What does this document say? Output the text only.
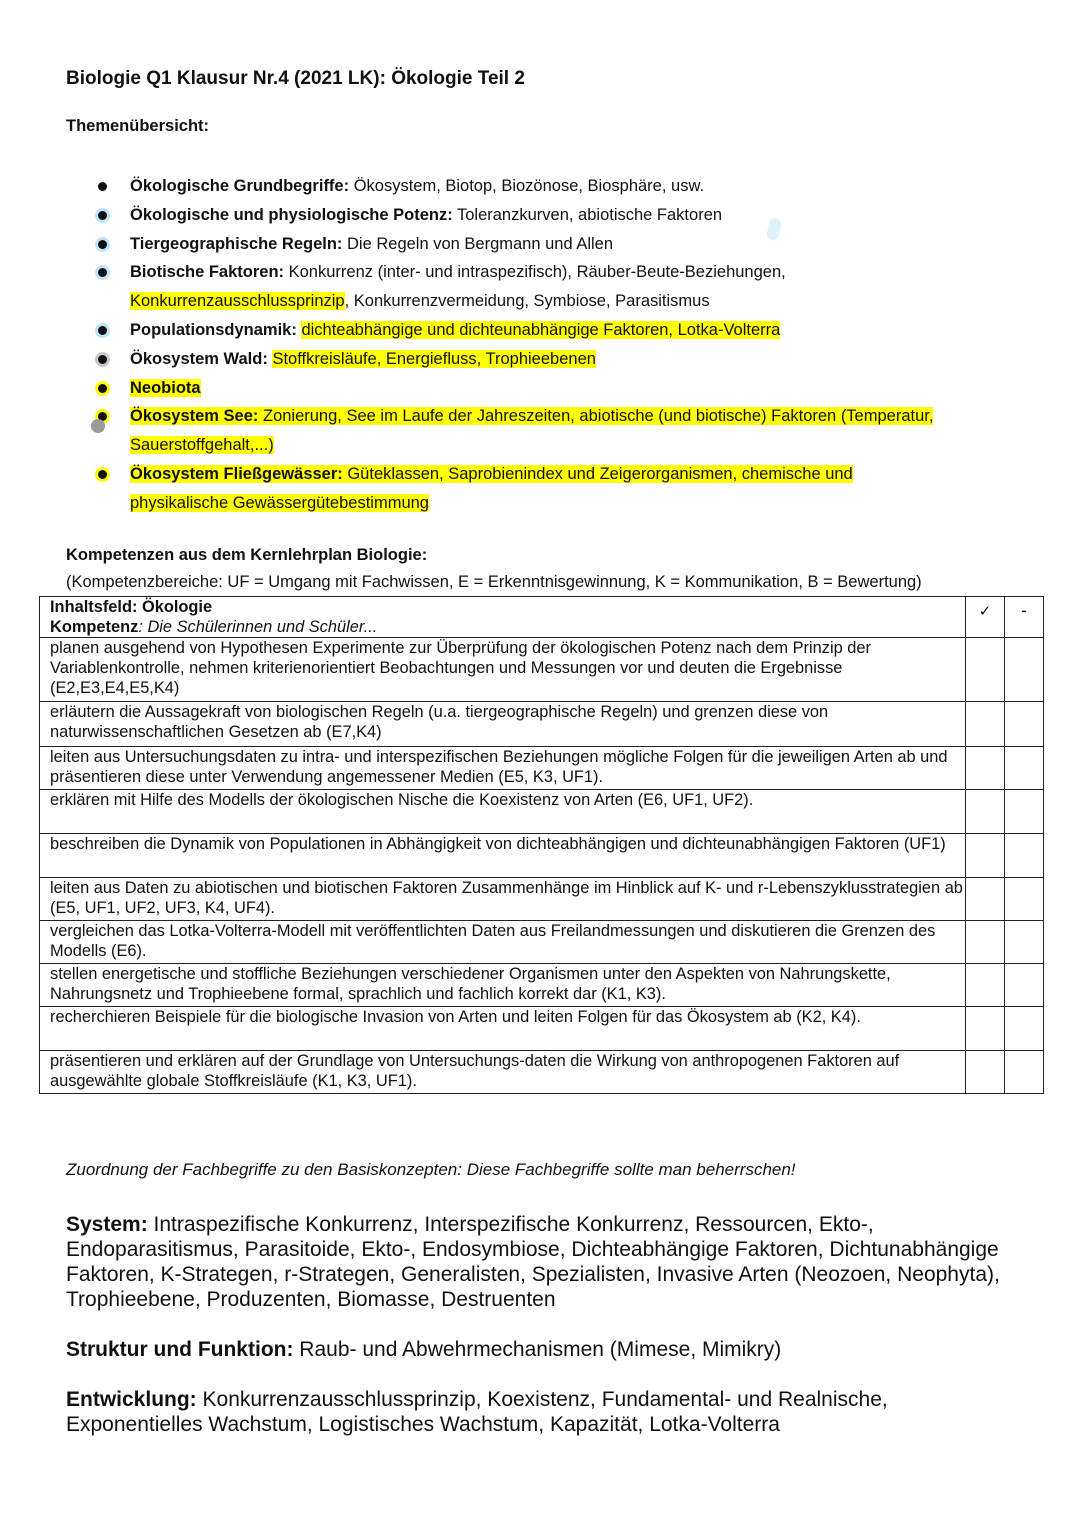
Biologie Q1 Klausur Nr.4 (2021 LK): Ökologie Teil 2
Themenübersicht:
Ökologische Grundbegriffe: Ökosystem, Biotop, Biozönose, Biosphäre, usw.
Ökologische und physiologische Potenz: Toleranzkurven, abiotische Faktoren
Tiergeographische Regeln: Die Regeln von Bergmann und Allen
Biotische Faktoren: Konkurrenz (inter- und intraspezifisch), Räuber-Beute-Beziehungen,
Konkurrenzausschlussprinzip, Konkurrenzvermeidung, Symbiose, Parasitismus
Populationsdynamik: dichteabhängige und dichteunabhängige Faktoren, Lotka-Volterra
Ökosystem Wald: Stoffkreisläufe, Energiefluss, Trophieebenen
Neobiota
Ökosystem See: Zonierung, See im Laufe der Jahreszeiten, abiotische (und biotische) Faktoren (Temperatur,
Sauerstoffgehalt,...)
Ökosystem Fließgewässer: Güteklassen, Saprobienindex und Zeigerorganismen, chemische und
physikalische Gewässergütebestimmung
Kompetenzen aus dem Kernlehrplan Biologie:
(Kompetenzbereiche: UF = Umgang mit Fachwissen, E = Erkenntnisgewinnung, K = Kommunikation, B = Bewertung)
Inhaltsfeld: Ökologie	✓	-
Kompetenz: Die Schülerinnen und Schüler...
planen ausgehend von Hypothesen Experimente zur Überprüfung der ökologischen Potenz nach dem Prinzip der Variablenkontrolle, nehmen kriterienorientiert Beobachtungen und Messungen vor und deuten die Ergebnisse (E2,E3,E4,E5,K4)		
erläutern die Aussagekraft von biologischen Regeln (u.a. tiergeographische Regeln) und grenzen diese von naturwissenschaftlichen Gesetzen ab (E7,K4)		
leiten aus Untersuchungsdaten zu intra- und interspezifischen Beziehungen mögliche Folgen für die jeweiligen Arten ab und präsentieren diese unter Verwendung angemessener Medien (E5, K3, UF1).		
erklären mit Hilfe des Modells der ökologischen Nische die Koexistenz von Arten (E6, UF1, UF2).		
beschreiben die Dynamik von Populationen in Abhängigkeit von dichteabhängigen und dichteunabhängigen Faktoren (UF1)		
leiten aus Daten zu abiotischen und biotischen Faktoren Zusammenhänge im Hinblick auf K- und r-Lebenszyklusstrategien ab (E5, UF1, UF2, UF3, K4, UF4).		
vergleichen das Lotka-Volterra-Modell mit veröffentlichten Daten aus Freilandmessungen und diskutieren die Grenzen des Modells (E6).		
stellen energetische und stoffliche Beziehungen verschiedener Organismen unter den Aspekten von Nahrungskette, Nahrungsnetz und Trophieebene formal, sprachlich und fachlich korrekt dar (K1, K3).		
recherchieren Beispiele für die biologische Invasion von Arten und leiten Folgen für das Ökosystem ab (K2, K4).		
präsentieren und erklären auf der Grundlage von Untersuchungs-daten die Wirkung von anthropogenen Faktoren auf ausgewählte globale Stoffkreisläufe (K1, K3, UF1).		
Zuordnung der Fachbegriffe zu den Basiskonzepten: Diese Fachbegriffe sollte man beherrschen!
System: Intraspezifische Konkurrenz, Interspezifische Konkurrenz, Ressourcen, Ekto-, Endoparasitismus, Parasitoide, Ekto-, Endosymbiose, Dichteabhängige Faktoren, Dichtunabhängige Faktoren, K-Strategen, r-Strategen, Generalisten, Spezialisten, Invasive Arten (Neozoen, Neophyta), Trophieebene, Produzenten, Biomasse, Destruenten
Struktur und Funktion: Raub- und Abwehrmechanismen (Mimese, Mimikry)
Entwicklung: Konkurrenzausschlussprinzip, Koexistenz, Fundamental- und Realnische, Exponentielles Wachstum, Logistisches Wachstum, Kapazität, Lotka-Volterra
